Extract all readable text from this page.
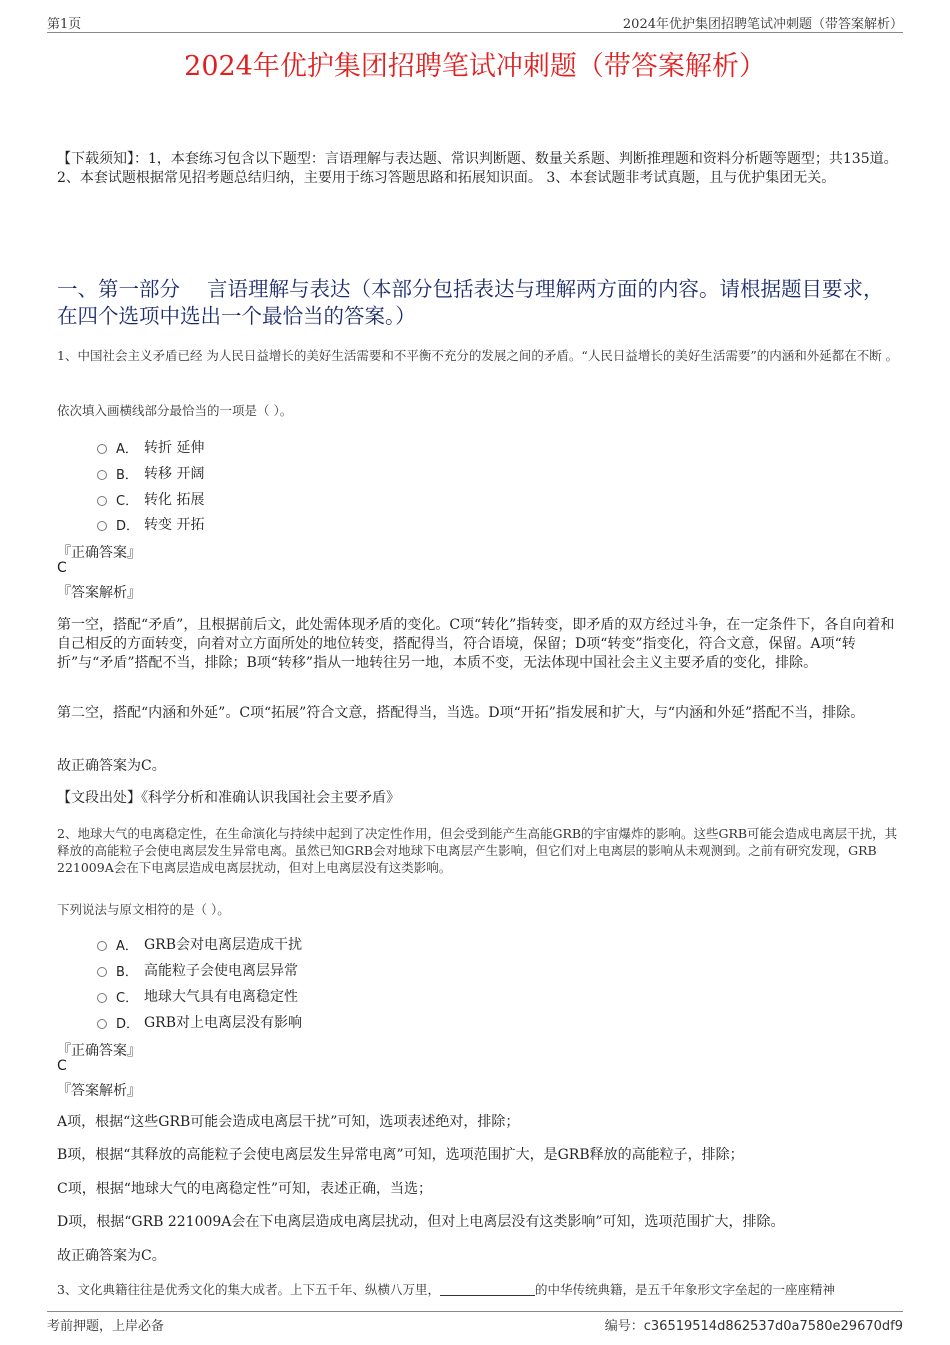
第1页	2024年优护集团招聘笔试冲刺题（带答案解析）
2024年优护集团招聘笔试冲刺题（带答案解析）
【下载须知】：1，本套练习包含以下题型：言语理解与表达题、常识判断题、数量关系题、判断推理题和资料分析题等题型；共135道。 2、本套试题根据常见招考题总结归纳，主要用于练习答题思路和拓展知识面。 3、本套试题非考试真题，且与优护集团无关。
一、第一部分　 言语理解与表达（本部分包括表达与理解两方面的内容。请根据题目要求，在四个选项中选出一个最恰当的答案。）
1、中国社会主义矛盾已经 为人民日益增长的美好生活需要和不平衡不充分的发展之间的矛盾。“人民日益增长的美好生活需要”的内涵和外延都在不断 。
依次填入画横线部分最恰当的一项是（ ）。
A． 转折 延伸
B． 转移 开阔
C． 转化 拓展
D． 转变 开拓
『正确答案』
C
『答案解析』
第一空，搭配“矛盾”，且根据前后文，此处需体现矛盾的变化。C项“转化”指转变，即矛盾的双方经过斗争，在一定条件下，各自向着和自己相反的方面转变，向着对立方面所处的地位转变，搭配得当，符合语境，保留；D项“转变”指变化，符合文意，保留。A项“转折”与“矛盾”搭配不当，排除；B项“转移”指从一地转往另一地，本质不变，无法体现中国社会主义主要矛盾的变化，排除。
第二空，搭配“内涵和外延”。C项“拓展”符合文意，搭配得当，当选。D项“开拓”指发展和扩大，与“内涵和外延”搭配不当，排除。
故正确答案为C。
【文段出处】《科学分析和准确认识我国社会主要矛盾》
2、地球大气的电离稳定性，在生命演化与持续中起到了决定性作用，但会受到能产生高能GRB的宇宙爆炸的影响。这些GRB可能会造成电离层干扰，其释放的高能粒子会使电离层发生异常电离。虽然已知GRB会对地球下电离层产生影响，但它们对上电离层的影响从未观测到。之前有研究发现，GRB 221009A会在下电离层造成电离层扰动，但对上电离层没有这类影响。
下列说法与原文相符的是（ ）。
A． GRB会对电离层造成干扰
B． 高能粒子会使电离层异常
C． 地球大气具有电离稳定性
D． GRB对上电离层没有影响
『正确答案』
C
『答案解析』
A项，根据“这些GRB可能会造成电离层干扰”可知，选项表述绝对，排除；
B项，根据“其释放的高能粒子会使电离层发生异常电离”可知，选项范围扩大，是GRB释放的高能粒子，排除；
C项，根据“地球大气的电离稳定性”可知，表述正确，当选；
D项，根据“GRB 221009A会在下电离层造成电离层扰动，但对上电离层没有这类影响”可知，选项范围扩大，排除。
故正确答案为C。
3、文化典籍往往是优秀文化的集大成者。上下五千年、纵横八万里，	的中华传统典籍，是五千年象形文字垒起的一座座精神
考前押题，上岸必备	编号：c36519514d862537d0a7580e29670df9
